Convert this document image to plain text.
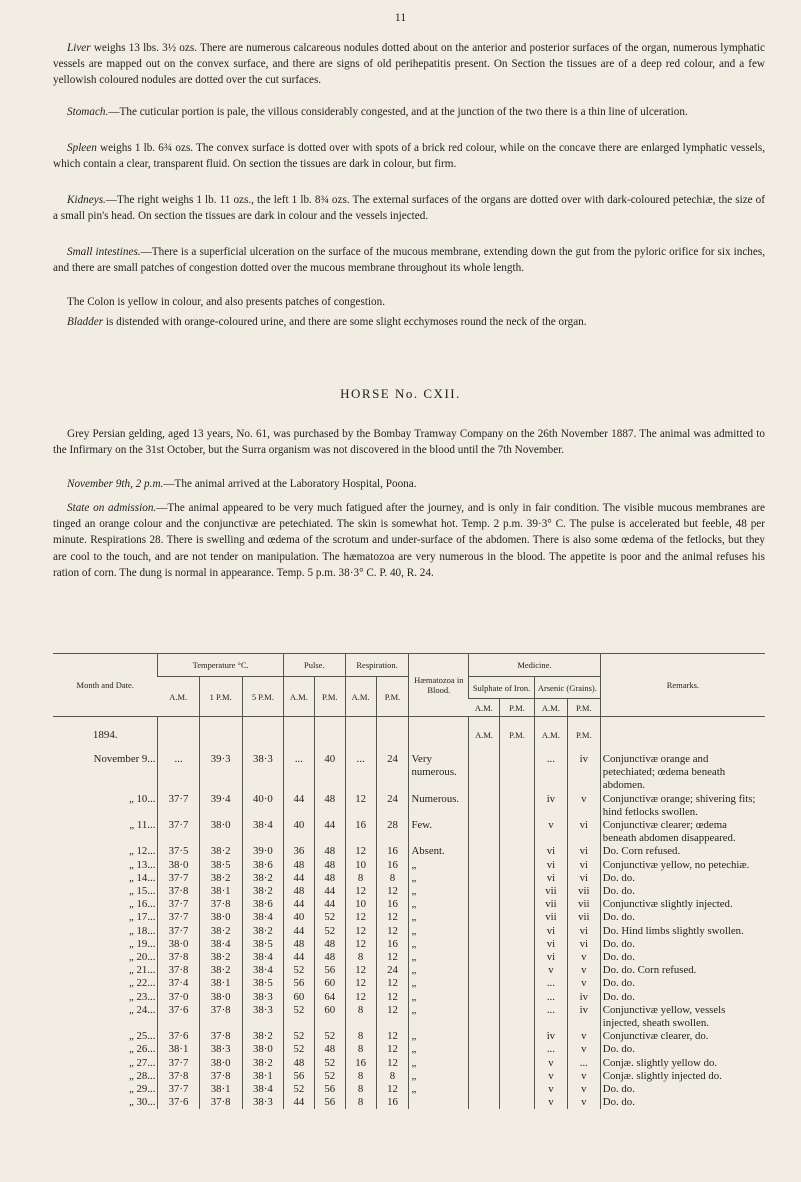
11

Liver weighs 13 lbs. 3½ ozs. There are numerous calcareous nodules dotted about on the anterior and posterior surfaces of the organ, numerous lymphatic vessels are mapped out on the convex surface, and there are signs of old perihepatitis present. On Section the tissues are of a deep red colour, and a few yellowish coloured nodules are dotted over the cut surfaces.

Stomach.—The cuticular portion is pale, the villous considerably congested, and at the junction of the two there is a thin line of ulceration.

Spleen weighs 1 lb. 6¾ ozs. The convex surface is dotted over with spots of a brick red colour, while on the concave there are enlarged lymphatic vessels, which contain a clear, transparent fluid. On section the tissues are dark in colour, but firm.

Kidneys.—The right weighs 1 lb. 11 ozs., the left 1 lb. 8¾ ozs. The external surfaces of the organs are dotted over with dark-coloured petechiæ, the size of a small pin's head. On section the tissues are dark in colour and the vessels injected.

Small intestines.—There is a superficial ulceration on the surface of the mucous membrane, extending down the gut from the pyloric orifice for six inches, and there are small patches of congestion dotted over the mucous membrane throughout its whole length.

The Colon is yellow in colour, and also presents patches of congestion.

Bladder is distended with orange-coloured urine, and there are some slight ecchymoses round the neck of the organ.

HORSE No. CXII.

Grey Persian gelding, aged 13 years, No. 61, was purchased by the Bombay Tramway Company on the 26th November 1887. The animal was admitted to the Infirmary on the 31st October, but the Surra organism was not discovered in the blood until the 7th November.

November 9th, 2 p.m.—The animal arrived at the Laboratory Hospital, Poona.

State on admission.—The animal appeared to be very much fatigued after the journey, and is only in fair condition. The visible mucous membranes are tinged an orange colour and the conjunctivæ are petechiated. The skin is somewhat hot. Temp. 2 p.m. 39·3° C. The pulse is accelerated but feeble, 48 per minute. Respirations 28. There is swelling and œdema of the scrotum and under-surface of the abdomen. There is also some œdema of the fetlocks, but they are cool to the touch, and are not tender on manipulation. The hæmatozoa are very numerous in the blood. The appetite is poor and the animal refuses his ration of corn. The dung is normal in appearance. Temp. 5 p.m. 38·3° C. P. 40, R. 24.

Month and Date.	Temperature °C.			Pulse.		Respiration.		Hæmatozoa in Blood.	Medicine.				Remarks.
	A.M.	1 P.M.	5 P.M.	A.M.	P.M.	A.M.	P.M.		Sulphate of Iron.		Arsenic (Grains).		
									A.M.	P.M.	A.M.	P.M.	
1894.									A.M.	P.M.	A.M.	P.M.	
November 9...	...	39·3	38·3	...	40	...	24	Very numerous.			...	iv	Conjunctivæ orange and petechiated; œdema beneath abdomen.
„ 10...	37·7	39·4	40·0	44	48	12	24	Numerous.			iv	v	Conjunctivæ orange; shivering fits; hind fetlocks swollen.
„ 11...	37·7	38·0	38·4	40	44	16	28	Few.			v	vi	Conjunctivæ clearer; œdema beneath abdomen disappeared.
„ 12...	37·5	38·2	39·0	36	48	12	16	Absent.			vi	vi	Do. Corn refused.
„ 13...	38·0	38·5	38·6	48	48	10	16	„			vi	vi	Conjunctivæ yellow, no petechiæ.
„ 14...	37·7	38·2	38·2	44	48	8	8	„			vi	vi	Do. do.
„ 15...	37·8	38·1	38·2	48	44	12	12	„			vii	vii	Do. do.
„ 16...	37·7	37·8	38·6	44	44	10	16	„			vii	vii	Conjunctivæ slightly injected.
„ 17...	37·7	38·0	38·4	40	52	12	12	„			vii	vii	Do. do.
„ 18...	37·7	38·2	38·2	44	52	12	12	„			vi	vi	Do. Hind limbs slightly swollen.
„ 19...	38·0	38·4	38·5	48	48	12	16	„			vi	vi	Do. do.
„ 20...	37·8	38·2	38·4	44	48	8	12	„			vi	v	Do. do.
„ 21...	37·8	38·2	38·4	52	56	12	24	„			v	v	Do. do. Corn refused.
„ 22...	37·4	38·1	38·5	56	60	12	12	„			...	v	Do. do.
„ 23...	37·0	38·0	38·3	60	64	12	12	„			...	iv	Do. do.
„ 24...	37·6	37·8	38·3	52	60	8	12	„			...	iv	Conjunctivæ yellow, vessels injected, sheath swollen.
„ 25...	37·6	37·8	38·2	52	52	8	12	„			iv	v	Conjunctivæ clearer, do.
„ 26...	38·1	38·3	38·0	52	48	8	12	„			...	v	Do. do.
„ 27...	37·7	38·0	38·2	48	52	16	12	„			v	...	Conjæ. slightly yellow do.
„ 28...	37·8	37·8	38·1	56	52	8	8	„			v	v	Conjæ. slightly injected do.
„ 29...	37·7	38·1	38·4	52	56	8	12	„			v	v	Do. do.
„ 30...	37·6	37·8	38·3	44	56	8	16				v	v	Do. do.
